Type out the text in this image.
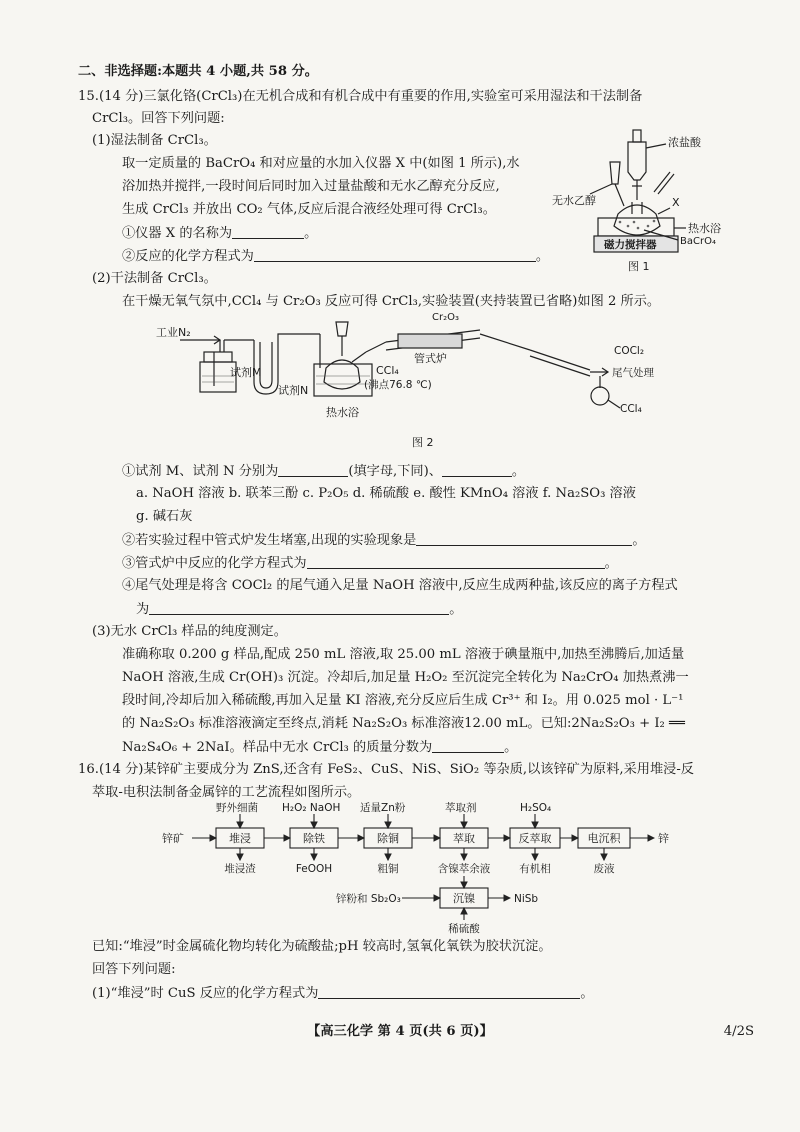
二、非选择题:本题共 4 小题,共 58 分。
15.(14 分)三氯化铬(CrCl₃)在无机合成和有机合成中有重要的作用,实验室可采用湿法和干法制备
CrCl₃。回答下列问题:
(1)湿法制备 CrCl₃。
取一定质量的 BaCrO₄ 和对应量的水加入仪器 X 中(如图 1 所示),水
浴加热并搅拌,一段时间后同时加入过量盐酸和无水乙醇充分反应,
生成 CrCl₃ 并放出 CO₂ 气体,反应后混合液经处理可得 CrCl₃。
①仪器 X 的名称为	。
②反应的化学方程式为	。
浓盐酸
无水乙醇	X
热水浴
BaCrO₄
磁力搅拌器
图 1
(2)干法制备 CrCl₃。
在干燥无氧气氛中,CCl₄ 与 Cr₂O₃ 反应可得 CrCl₃,实验装置(夹持装置已省略)如图 2 所示。
工业N₂
试剂M
试剂N
Cr₂O₃
管式炉
CCl₄
(沸点76.8 ℃)
热水浴
COCl₂
尾气处理
CCl₄
图 2
①试剂 M、试剂 N 分别为	(填字母,下同)、	。
a. NaOH 溶液 b. 联苯三酚 c. P₂O₅ d. 稀硫酸 e. 酸性 KMnO₄ 溶液 f. Na₂SO₃ 溶液
g. 碱石灰
②若实验过程中管式炉发生堵塞,出现的实验现象是	。
③管式炉中反应的化学方程式为	。
④尾气处理是将含 COCl₂ 的尾气通入足量 NaOH 溶液中,反应生成两种盐,该反应的离子方程式
为	。
(3)无水 CrCl₃ 样品的纯度测定。
准确称取 0.200 g 样品,配成 250 mL 溶液,取 25.00 mL 溶液于碘量瓶中,加热至沸腾后,加适量
NaOH 溶液,生成 Cr(OH)₃ 沉淀。冷却后,加足量 H₂O₂ 至沉淀完全转化为 Na₂CrO₄ 加热煮沸一
段时间,冷却后加入稀硫酸,再加入足量 KI 溶液,充分反应后生成 Cr³⁺ 和 I₂。用 0.025 mol · L⁻¹
的 Na₂S₂O₃ 标准溶液滴定至终点,消耗 Na₂S₂O₃ 标准溶液12.00 mL。已知:2Na₂S₂O₃ + I₂ ══
Na₂S₄O₆ + 2NaI。样品中无水 CrCl₃ 的质量分数为	。
16.(14 分)某锌矿主要成分为 ZnS,还含有 FeS₂、CuS、NiS、SiO₂ 等杂质,以该锌矿为原料,采用堆浸-反
萃取-电积法制备金属锌的工艺流程如图所示。
野外细菌 H₂O₂ NaOH 适量Zn粉	萃取剂	H₂SO₄
锌矿	锌
堆浸	除铁	除铜	萃取	反萃取	电沉积
堆浸渣	FeOOH	粗铜	含镍萃余液	有机相	废液
沉镍
锌粉和 Sb₂O₃	NiSb
稀硫酸
已知:“堆浸”时金属硫化物均转化为硫酸盐;pH 较高时,氢氧化氧铁为胶状沉淀。
回答下列问题:
(1)“堆浸”时 CuS 反应的化学方程式为	。
【高三化学 第 4 页(共 6 页)】	4/2S
